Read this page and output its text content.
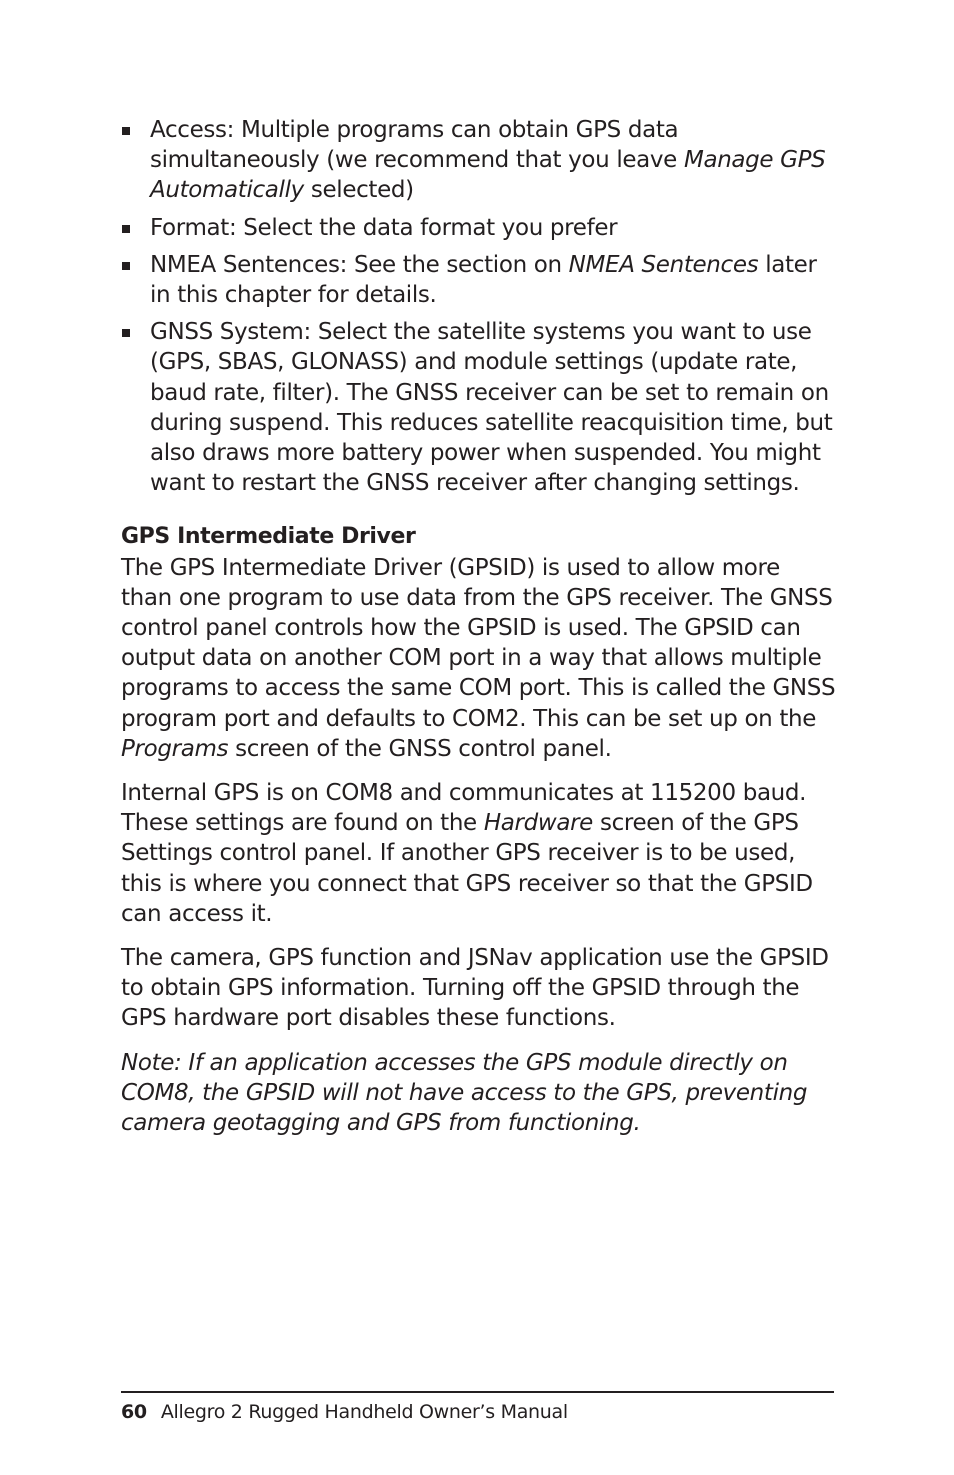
Access: Multiple programs can obtain GPS data simultaneously (we recommend that you leave Manage GPS Automatically selected)
Format: Select the data format you prefer
NMEA Sentences: See the section on NMEA Sentences later in this chapter for details.
GNSS System: Select the satellite systems you want to use (GPS, SBAS, GLONASS) and module settings (update rate, baud rate, filter). The GNSS receiver can be set to remain on during suspend. This reduces satellite reacquisition time, but also draws more battery power when suspended. You might want to restart the GNSS receiver after changing settings.
GPS Intermediate Driver

The GPS Intermediate Driver (GPSID) is used to allow more than one program to use data from the GPS receiver. The GNSS control panel controls how the GPSID is used. The GPSID can output data on another COM port in a way that allows multiple programs to access the same COM port. This is called the GNSS program port and defaults to COM2. This can be set up on the Programs screen of the GNSS control panel.

Internal GPS is on COM8 and communicates at 115200 baud. These settings are found on the Hardware screen of the GPS Settings control panel. If another GPS receiver is to be used, this is where you connect that GPS receiver so that the GPSID can access it.

The camera, GPS function and JSNav application use the GPSID to obtain GPS information. Turning off the GPSID through the GPS hardware port disables these functions.

Note: If an application accesses the GPS module directly on COM8, the GPSID will not have access to the GPS, preventing camera geotagging and GPS from functioning.

60 Allegro 2 Rugged Handheld Owner’s Manual
